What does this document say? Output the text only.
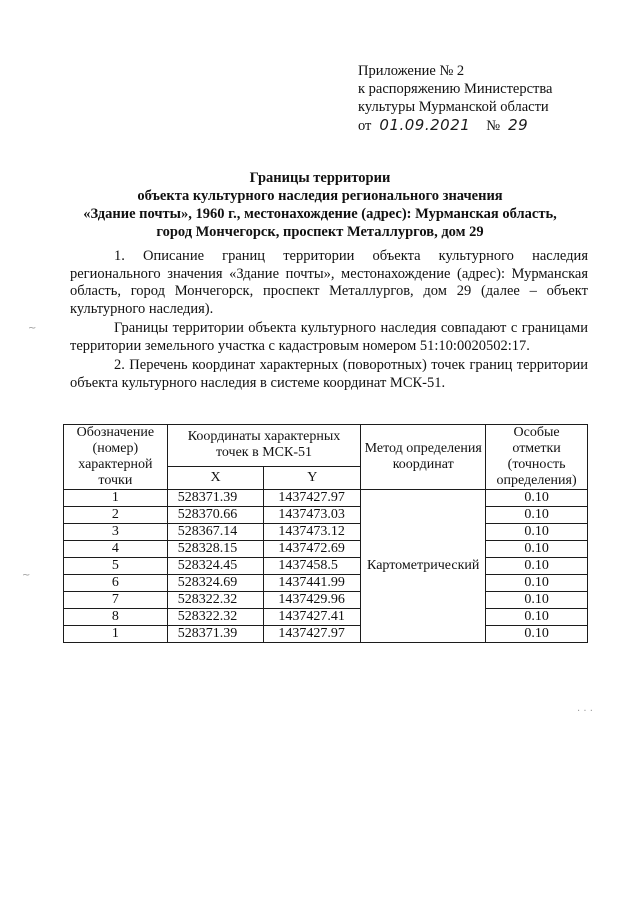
Приложение № 2
к распоряжению Министерства
культуры Мурманской области
от 01.09.2021 № 29
Границы территории
объекта культурного наследия регионального значения
«Здание почты», 1960 г., местонахождение (адрес): Мурманская область,
город Мончегорск, проспект Металлургов, дом 29

1. Описание границ территории объекта культурного наследия регионального значения «Здание почты», местонахождение (адрес): Мурманская область, город Мончегорск, проспект Металлургов, дом 29 (далее – объект культурного наследия).

Границы территории объекта культурного наследия совпадают с границами территории земельного участка с кадастровым номером 51:10:0020502:17.

2. Перечень координат характерных (поворотных) точек границ территории объекта культурного наследия в системе координат МСК-51.

Обозначение (номер) характерной точки	Координаты характерных точек в МСК-51		Метод определения координат	Особые отметки (точность определения)
	X	Y		
1	528371.39	1437427.97	Картометрический	0.10
2	528370.66	1437473.03		0.10
3	528367.14	1437473.12		0.10
4	528328.15	1437472.69		0.10
5	528324.45	1437458.5		0.10
6	528324.69	1437441.99		0.10
7	528322.32	1437429.96		0.10
8	528322.32	1437427.41		0.10
1	528371.39	1437427.97		0.10
~
~
· · ·
